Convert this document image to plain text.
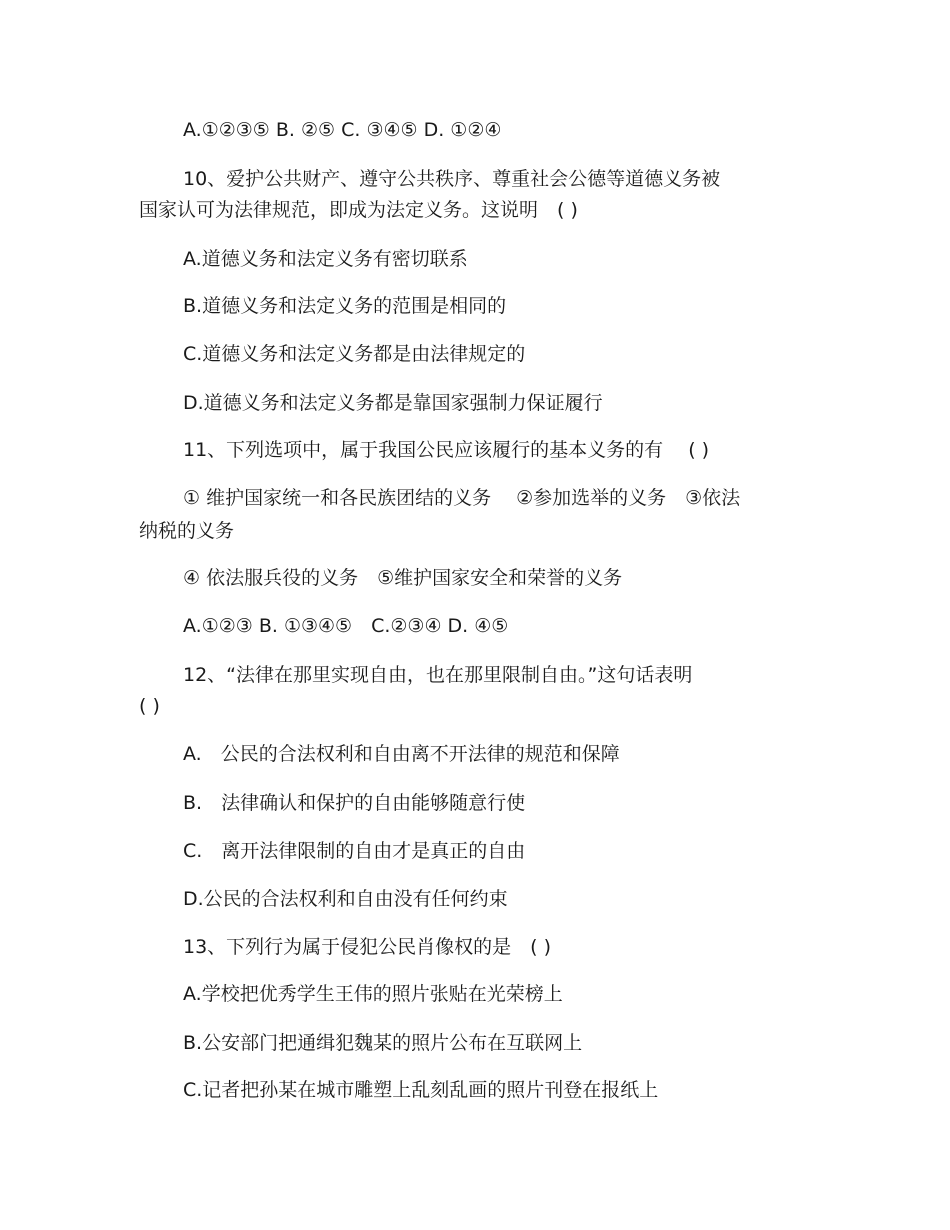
A.①②③⑤ B. ②⑤ C. ③④⑤ D. ①②④
10、爱护公共财产、遵守公共秩序、尊重社会公德等道德义务被
国家认可为法律规范，即成为法定义务。这说明　( )
A.道德义务和法定义务有密切联系
B.道德义务和法定义务的范围是相同的
C.道德义务和法定义务都是由法律规定的
D.道德义务和法定义务都是靠国家强制力保证履行
11、下列选项中，属于我国公民应该履行的基本义务的有　 ( )
① 维护国家统一和各民族团结的义务　 ②参加选举的义务　③依法
纳税的义务
④ 依法服兵役的义务　⑤维护国家安全和荣誉的义务
A.①②③ B. ①③④⑤　C.②③④ D. ④⑤
12、“法律在那里实现自由，也在那里限制自由。”这句话表明
( )
A.　公民的合法权利和自由离不开法律的规范和保障
B.　法律确认和保护的自由能够随意行使
C.　离开法律限制的自由才是真正的自由
D.公民的合法权利和自由没有任何约束
13、下列行为属于侵犯公民肖像权的是　( )
A.学校把优秀学生王伟的照片张贴在光荣榜上
B.公安部门把通缉犯魏某的照片公布在互联网上
C.记者把孙某在城市雕塑上乱刻乱画的照片刊登在报纸上
